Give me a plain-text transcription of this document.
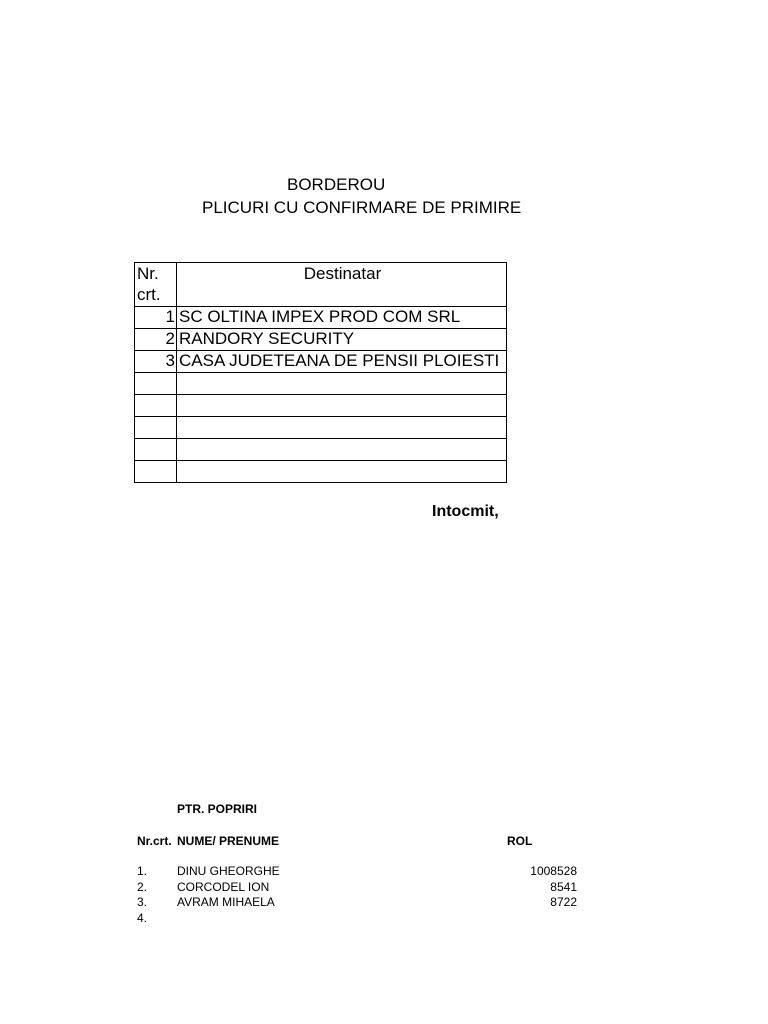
BORDEROU
PLICURI CU CONFIRMARE DE PRIMIRE
Nr. crt.	Destinatar
1	SC OLTINA IMPEX PROD COM SRL

2	RANDORY SECURITY

3	CASA JUDETEANA DE PENSII PLOIESTI

Intocmit,
PTR. POPRIRI
Nr.crt. NUME/ PRENUME	ROL
1. DINU GHEORGHE	1008528
2. CORCODEL ION	8541
3. AVRAM MIHAELA	8722
4.
